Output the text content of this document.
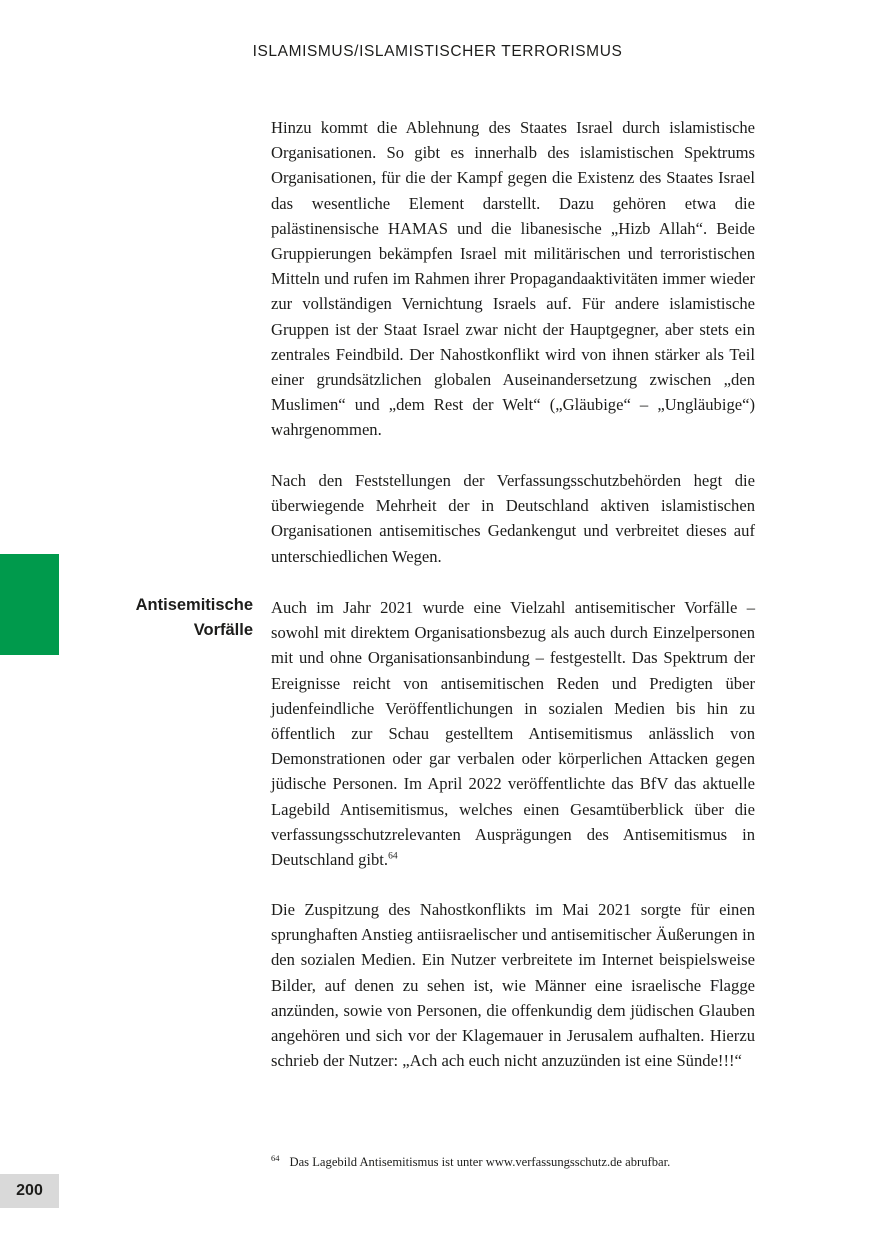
ISLAMISMUS/ISLAMISTISCHER TERRORISMUS

Hinzu kommt die Ablehnung des Staates Israel durch islamistische Organisationen. So gibt es innerhalb des islamistischen Spektrums Organisationen, für die der Kampf gegen die Existenz des Staates Israel das wesentliche Element darstellt. Dazu gehören etwa die palästinensische HAMAS und die libanesische „Hizb Allah“. Beide Gruppierungen bekämpfen Israel mit militärischen und terroristischen Mitteln und rufen im Rahmen ihrer Propagandaaktivitäten immer wieder zur vollständigen Vernichtung Israels auf. Für andere islamistische Gruppen ist der Staat Israel zwar nicht der Hauptgegner, aber stets ein zentrales Feindbild. Der Nahostkonflikt wird von ihnen stärker als Teil einer grundsätzlichen globalen Auseinandersetzung zwischen „den Muslimen“ und „dem Rest der Welt“ („Gläubige“ – „Ungläubige“) wahrgenommen.

Nach den Feststellungen der Verfassungsschutzbehörden hegt die überwiegende Mehrheit der in Deutschland aktiven islamistischen Organisationen antisemitisches Gedankengut und verbreitet dieses auf unterschiedlichen Wegen.

Antisemitische
Vorfälle

Auch im Jahr 2021 wurde eine Vielzahl antisemitischer Vorfälle – sowohl mit direktem Organisationsbezug als auch durch Einzelpersonen mit und ohne Organisationsanbindung – festgestellt. Das Spektrum der Ereignisse reicht von antisemitischen Reden und Predigten über judenfeindliche Veröffentlichungen in sozialen Medien bis hin zu öffentlich zur Schau gestelltem Antisemitismus anlässlich von Demonstrationen oder gar verbalen oder körperlichen Attacken gegen jüdische Personen. Im April 2022 veröffentlichte das BfV das aktuelle Lagebild Antisemitismus, welches einen Gesamtüberblick über die verfassungsschutzrelevanten Ausprägungen des Antisemitismus in Deutschland gibt.$^{64}$

Die Zuspitzung des Nahostkonflikts im Mai 2021 sorgte für einen sprunghaften Anstieg antiisraelischer und antisemitischer Äußerungen in den sozialen Medien. Ein Nutzer verbreitete im Internet beispielsweise Bilder, auf denen zu sehen ist, wie Männer eine israelische Flagge anzünden, sowie von Personen, die offenkundig dem jüdischen Glauben angehören und sich vor der Klagemauer in Jerusalem aufhalten. Hierzu schrieb der Nutzer: „Ach ach euch nicht anzuzünden ist eine Sünde!!!“

$^{64}$ Das Lagebild Antisemitismus ist unter www.verfassungsschutz.de abrufbar.
200
